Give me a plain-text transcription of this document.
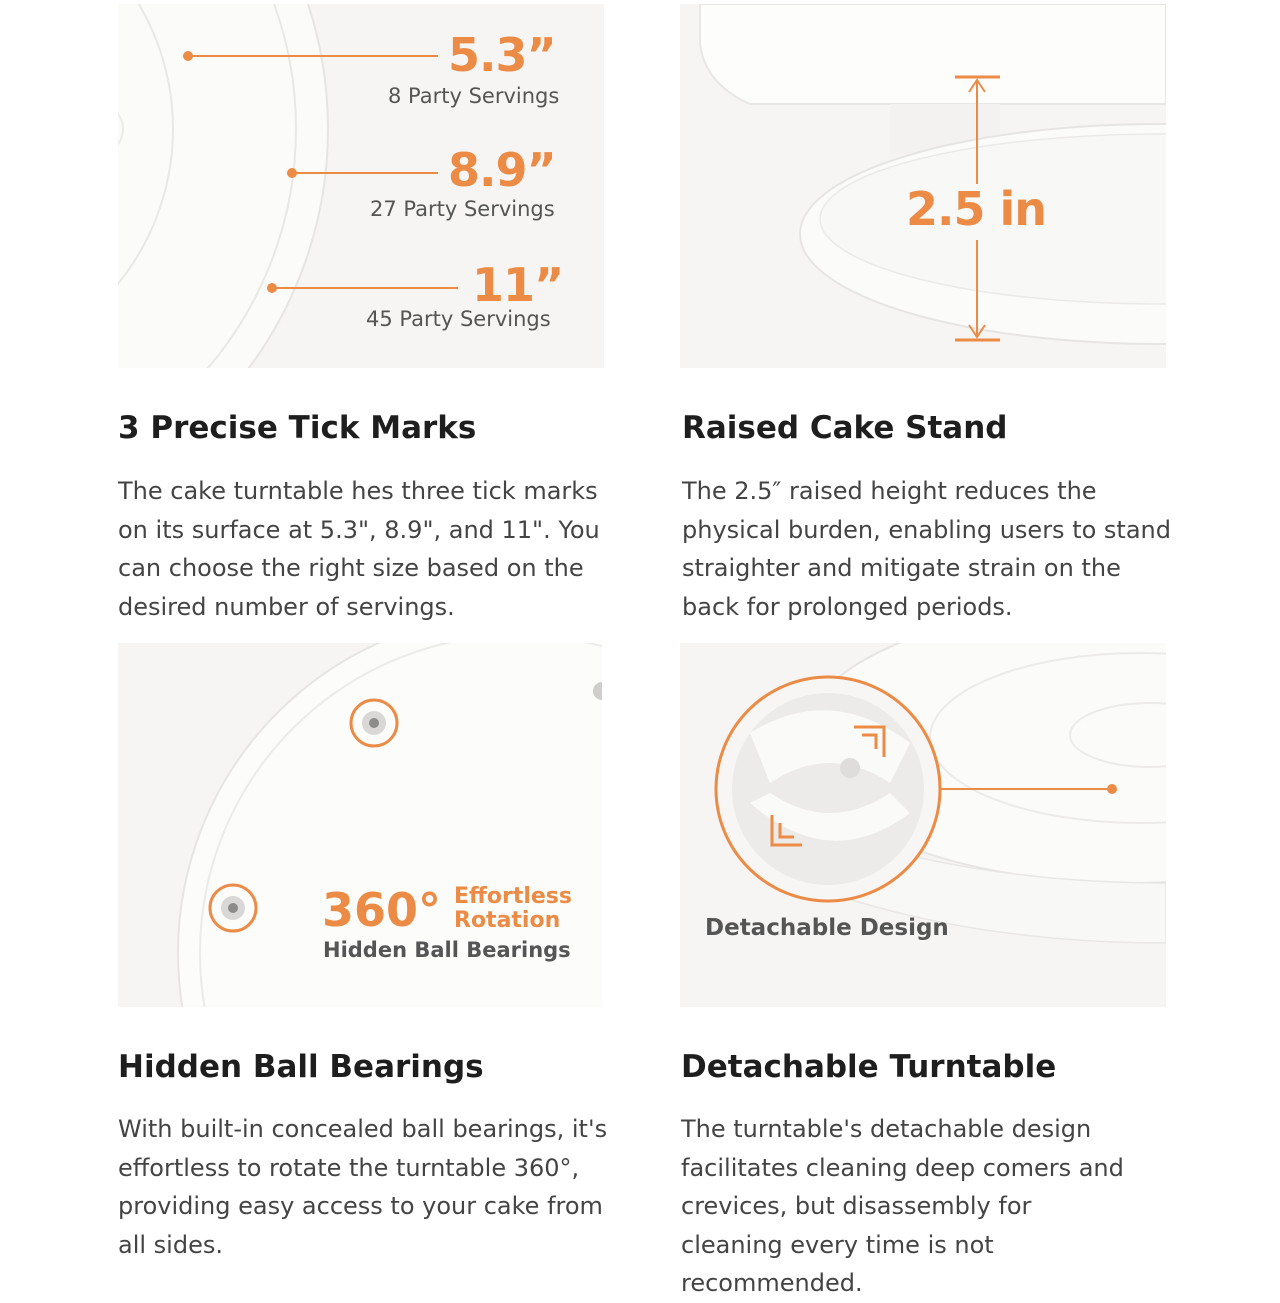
5.3”
8 Party Servings
8.9”
27 Party Servings
11”
45 Party Servings
2.5 in
3 Precise Tick Marks

The cake turntable hes three tick marks on its surface at 5.3", 8.9", and 11". You can choose the right size based on the desired number of servings.

Raised Cake Stand

The 2.5″ raised height reduces the physical burden, enabling users to stand straighter and mitigate strain on the back for prolonged periods.

360° Effortless
Rotation
Hidden Ball Bearings
Detachable Design
Hidden Ball Bearings

With built-in concealed ball bearings, it's effortless to rotate the turntable 360°, providing easy access to your cake from all sides.

Detachable Turntable

The turntable's detachable design facilitates cleaning deep comers and crevices, but disassembly for cleaning every time is not recommended.
